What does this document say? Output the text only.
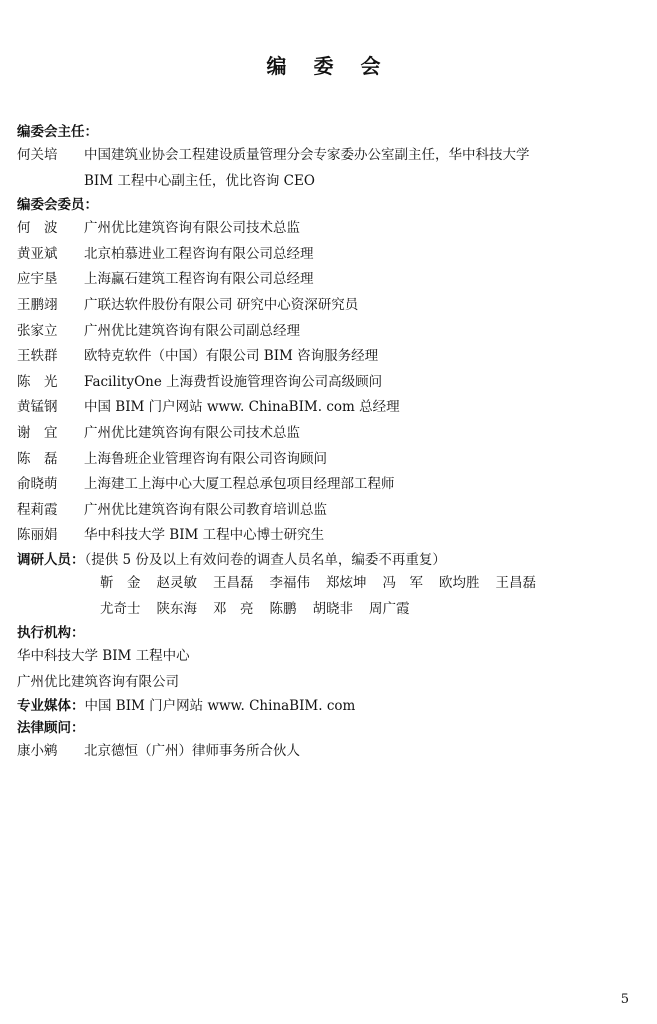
编 委 会
编委会主任：
何关培	中国建筑业协会工程建设质量管理分会专家委办公室副主任，华中科技大学
BIM 工程中心副主任，优比咨询 CEO
编委会委员：
何　波	广州优比建筑咨询有限公司技术总监
黄亚斌	北京柏慕进业工程咨询有限公司总经理
应宇垦	上海赢石建筑工程咨询有限公司总经理
王鹏翊	广联达软件股份有限公司 研究中心资深研究员
张家立	广州优比建筑咨询有限公司副总经理
王轶群	欧特克软件（中国）有限公司 BIM 咨询服务经理
陈　光	FacilityOne 上海费哲设施管理咨询公司高级顾问
黄锰钢	中国 BIM 门户网站 www. ChinaBIM. com 总经理
谢　宜	广州优比建筑咨询有限公司技术总监
陈　磊	上海鲁班企业管理咨询有限公司咨询顾问
俞晓萌	上海建工上海中心大厦工程总承包项目经理部工程师
程莉霞	广州优比建筑咨询有限公司教育培训总监
陈丽娟	华中科技大学 BIM 工程中心博士研究生
调研人员：（提供 5 份及以上有效问卷的调查人员名单，编委不再重复）
靳　金 赵灵敏 王昌磊 李福伟 郑炫坤 冯　军 欧均胜 王昌磊
尤奇士 陕东海 邓　亮 陈鹏 胡晓非 周广霞
执行机构：
华中科技大学 BIM 工程中心
广州优比建筑咨询有限公司
专业媒体：中国 BIM 门户网站 www. ChinaBIM. com
法律顾问：
康小鹓	北京德恒（广州）律师事务所合伙人
5
